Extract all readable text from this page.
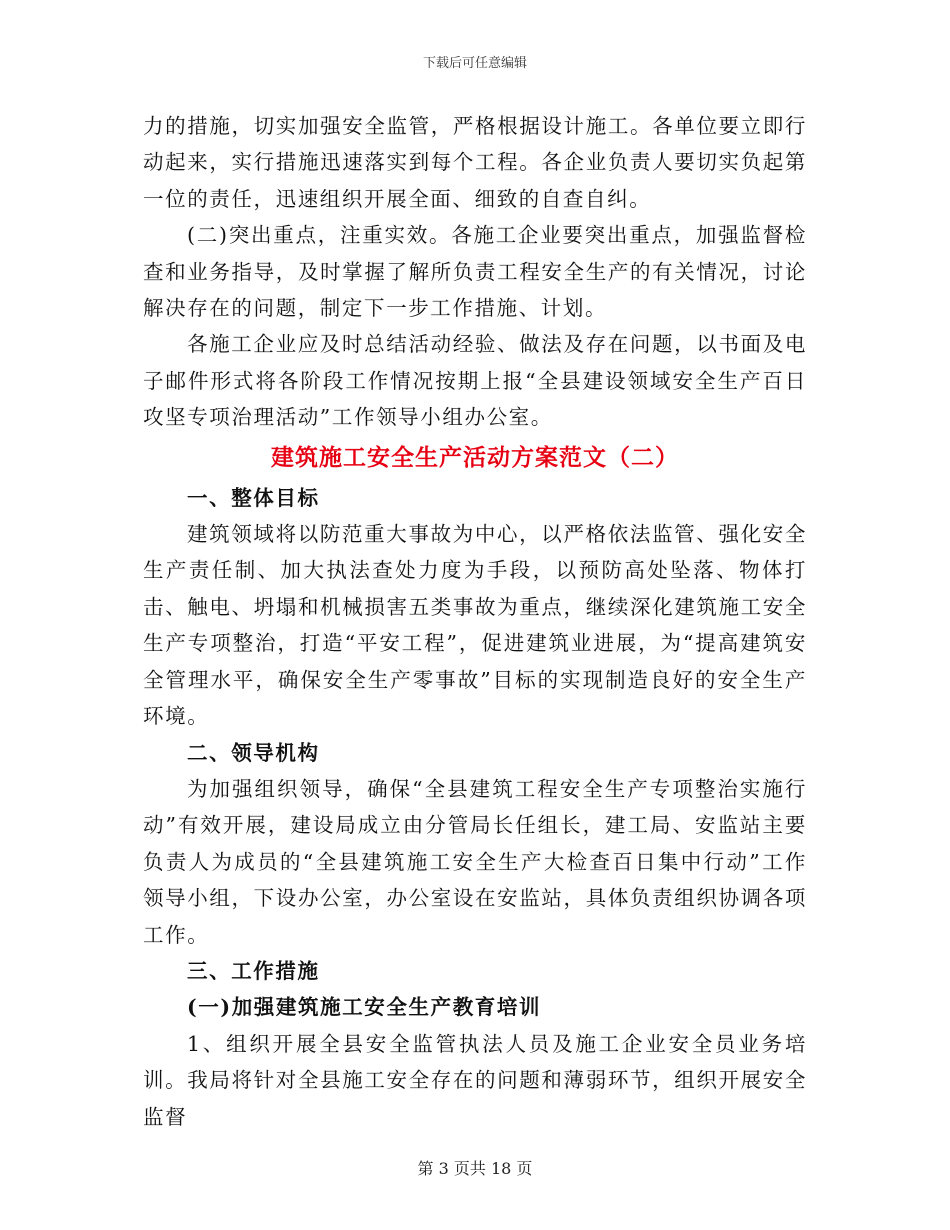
下载后可任意编辑

力的措施，切实加强安全监管，严格根据设计施工。各单位要立即行动起来，实行措施迅速落实到每个工程。各企业负责人要切实负起第一位的责任，迅速组织开展全面、细致的自查自纠。

(二)突出重点，注重实效。各施工企业要突出重点，加强监督检查和业务指导，及时掌握了解所负责工程安全生产的有关情况，讨论解决存在的问题，制定下一步工作措施、计划。

各施工企业应及时总结活动经验、做法及存在问题，以书面及电子邮件形式将各阶段工作情况按期上报“全县建设领域安全生产百日攻坚专项治理活动”工作领导小组办公室。

建筑施工安全生产活动方案范文（二）

一、整体目标

建筑领域将以防范重大事故为中心，以严格依法监管、强化安全生产责任制、加大执法查处力度为手段，以预防高处坠落、物体打击、触电、坍塌和机械损害五类事故为重点，继续深化建筑施工安全生产专项整治，打造“平安工程”，促进建筑业进展，为“提高建筑安全管理水平，确保安全生产零事故”目标的实现制造良好的安全生产环境。

二、领导机构

为加强组织领导，确保“全县建筑工程安全生产专项整治实施行动”有效开展，建设局成立由分管局长任组长，建工局、安监站主要负责人为成员的“全县建筑施工安全生产大检查百日集中行动”工作领导小组，下设办公室，办公室设在安监站，具体负责组织协调各项工作。

三、工作措施

(一)加强建筑施工安全生产教育培训

1、组织开展全县安全监管执法人员及施工企业安全员业务培训。我局将针对全县施工安全存在的问题和薄弱环节，组织开展安全监督

第 3 页共 18 页
